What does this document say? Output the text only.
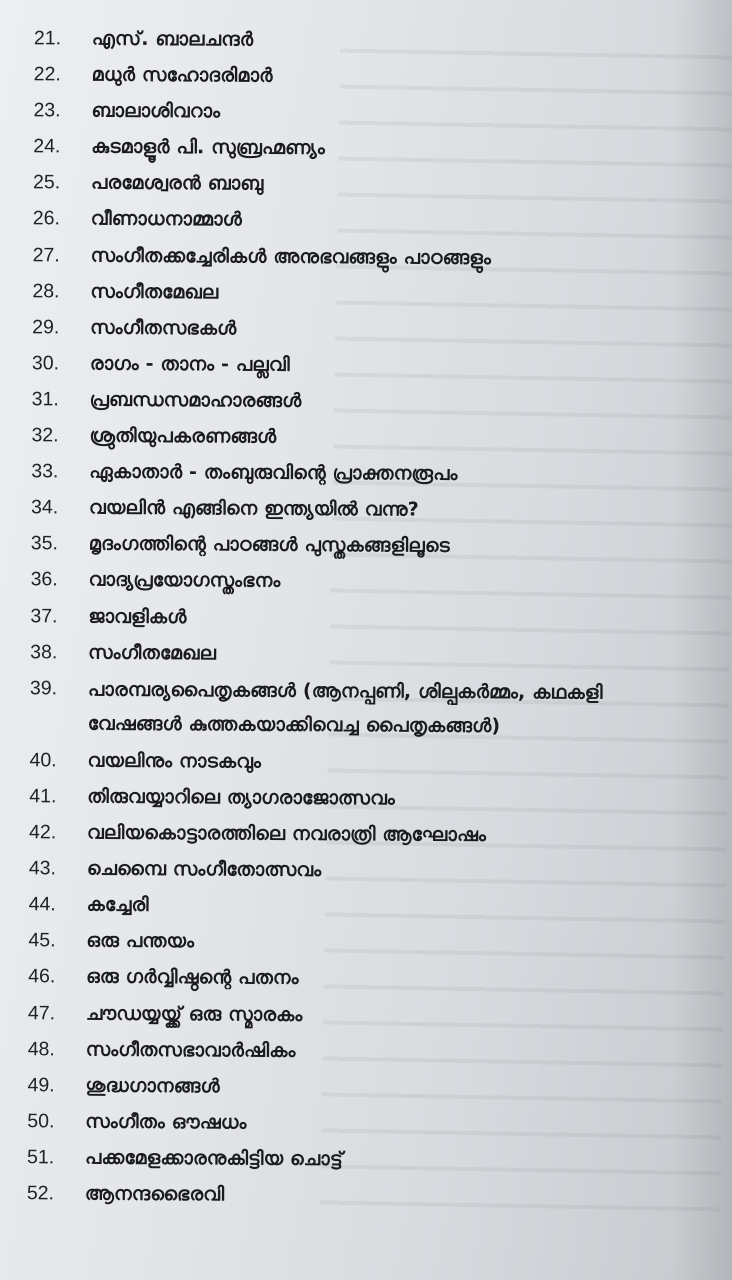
21.	എസ്. ബാലചന്ദർ
22.	മധുർ സഹോദരിമാർ
23.	ബാലാശിവറാം
24.	കുടമാളൂർ പി. സുബ്രഹ്മണ്യം
25.	പരമേശ്വരൻ ബാബു
26.	വീണാധനാമ്മാൾ
27.	സംഗീതക്കച്ചേരികൾ അനുഭവങ്ങളും പാഠങ്ങളും
28.	സംഗീതമേഖല
29.	സംഗീതസഭകൾ
30.	രാഗം - താനം - പല്ലവി
31.	പ്രബന്ധസമാഹാരങ്ങൾ
32.	ശ്രുതിയുപകരണങ്ങൾ
33.	ഏകാതാർ - തംബുരുവിന്റെ പ്രാക്തനരൂപം
34.	വയലിൻ എങ്ങിനെ ഇന്ത്യയിൽ വന്നു?
35.	മൃദംഗത്തിന്റെ പാഠങ്ങൾ പുസ്തകങ്ങളിലൂടെ
36.	വാദ്യപ്രയോഗസ്തംഭനം
37.	ജാവളികൾ
38.	സംഗീതമേഖല
39.	പാരമ്പര്യപൈതൃകങ്ങൾ (ആനപ്പണി, ശില്പകർമ്മം, കഥകളി വേഷങ്ങൾ കുത്തകയാക്കിവെച്ച പൈതൃകങ്ങൾ)
40.	വയലിനും നാടകവും
41.	തിരുവയ്യാറിലെ ത്യാഗരാജോത്സവം
42.	വലിയകൊട്ടാരത്തിലെ നവരാത്രി ആഘോഷം
43.	ചെമ്പൈ സംഗീതോത്സവം
44.	കച്ചേരി
45.	ഒരു പന്തയം
46.	ഒരു ഗർവ്വിഷ്ഠന്റെ പതനം
47.	ചൗഡയ്യയ്ക്ക് ഒരു സ്മാരകം
48.	സംഗീതസഭാവാർഷികം
49.	ശുദ്ധഗാനങ്ങൾ
50.	സംഗീതം ഔഷധം
51.	പക്കമേളക്കാരനുകിട്ടിയ ചൊട്ട്
52.	ആനന്ദഭൈരവി
